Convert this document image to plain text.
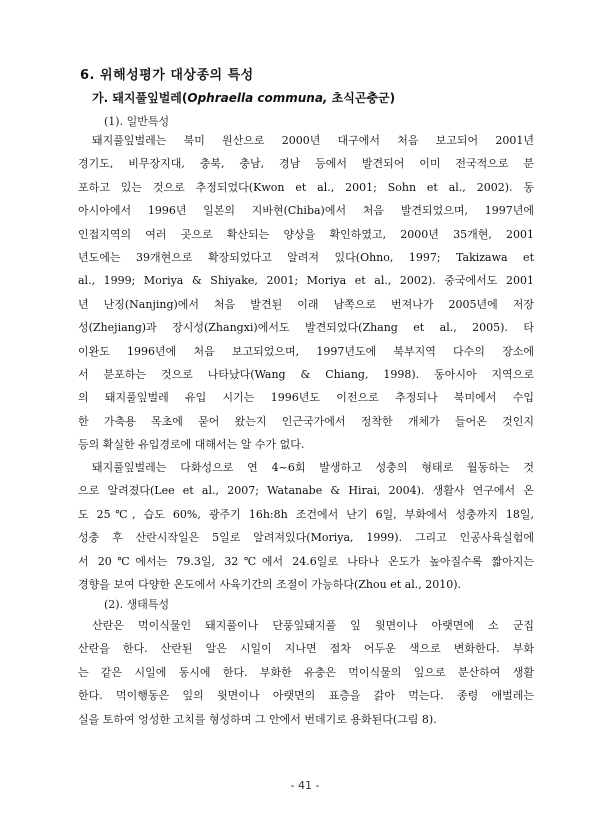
6. 위해성평가 대상종의 특성
가. 돼지풀잎벌레(Ophraella communa, 초식곤충군)
(1). 일반특성
돼지풀잎벌레는 북미 원산으로 2000년 대구에서 처음 보고되어 2001년
경기도, 비무장지대, 충북, 충남, 경남 등에서 발견되어 이미 전국적으로 분
포하고 있는 것으로 추정되었다(Kwon et al., 2001; Sohn et al., 2002). 동
아시아에서 1996년 일본의 지바현(Chiba)에서 처음 발견되었으며, 1997년에
인접지역의 여러 곳으로 확산되는 양상을 확인하였고, 2000년 35개현, 2001
년도에는 39개현으로 확장되었다고 알려져 있다(Ohno, 1997; Takizawa et
al., 1999; Moriya & Shiyake, 2001; Moriya et al., 2002). 중국에서도 2001
년 난징(Nanjing)에서 처음 발견된 이래 남쪽으로 번져나가 2005년에 저장
성(Zhejiang)과 장시성(Zhangxi)에서도 발견되었다(Zhang et al., 2005). 타
이완도 1996년에 처음 보고되었으며, 1997년도에 북부지역 다수의 장소에
서 분포하는 것으로 나타났다(Wang & Chiang, 1998). 동아시아 지역으로
의 돼지풀잎벌레 유입 시기는 1996년도 이전으로 추정되나 북미에서 수입
한 가축용 목초에 묻어 왔는지 인근국가에서 정착한 개체가 들어온 것인지
등의 확실한 유입경로에 대해서는 알 수가 없다.
돼지풀잎벌레는 다화성으로 연 4~6회 발생하고 성충의 형태로 월동하는 것
으로 알려졌다(Lee et al., 2007; Watanabe & Hirai, 2004). 생활사 연구에서 온
도 25℃, 습도 60%, 광주기 16h:8h 조건에서 난기 6일, 부화에서 성충까지 18일,
성충 후 산란시작일은 5일로 알려져있다(Moriya, 1999). 그리고 인공사육실험에
서 20℃에서는 79.3일, 32℃에서 24.6일로 나타나 온도가 높아질수록 짧아지는
경향을 보여 다양한 온도에서 사육기간의 조절이 가능하다(Zhou et al., 2010).
(2). 생태특성
산란은 먹이식물인 돼지풀이나 단풍잎돼지풀 잎 윗면이나 아랫면에 소 군집
산란을 한다. 산란된 알은 시일이 지나면 점차 어두운 색으로 변화한다. 부화
는 같은 시일에 동시에 한다. 부화한 유충은 먹이식물의 잎으로 분산하여 생활
한다. 먹이행동은 잎의 윗면이나 아랫면의 표층을 갉아 먹는다. 종령 애벌레는
실을 토하여 엉성한 고치를 형성하며 그 안에서 번데기로 용화된다(그림 8).
- 41 -
